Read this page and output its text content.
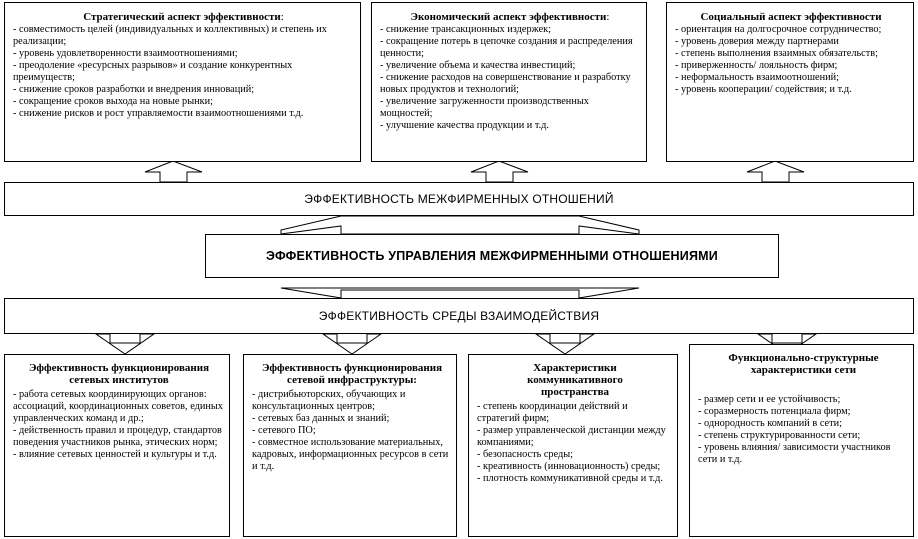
Стратегический аспект эффективности:
- совместимость целей (индивидуальных и коллективных) и степень их реализации;
- уровень удовлетворенности взаимоотношениями;
- преодоление «ресурсных разрывов» и создание конкурентных преимуществ;
- снижение сроков разработки и внедрения инноваций;
- сокращение сроков выхода на новые рынки;
- снижение рисков и рост управляемости взаимоотношениями т.д.
Экономический аспект эффективности:
- снижение трансакционных издержек;
- сокращение потерь в цепочке создания и распределения ценности;
- увеличение объема и качества инвестиций;
- снижение расходов на совершенствование и разработку новых продуктов и технологий;
- увеличение загруженности производственных мощностей;
- улучшение качества продукции и т.д.
Социальный аспект эффективности
- ориентация на долгосрочное сотрудничество;
- уровень доверия между партнерами
- степень выполнения взаимных обязательств;
- приверженность/ лояльность фирм;
- неформальность взаимоотношений;
- уровень кооперации/ содействия; и т.д.
ЭФФЕКТИВНОСТЬ МЕЖФИРМЕННЫХ ОТНОШЕНИЙ
ЭФФЕКТИВНОСТЬ УПРАВЛЕНИЯ МЕЖФИРМЕННЫМИ ОТНОШЕНИЯМИ
ЭФФЕКТИВНОСТЬ СРЕДЫ ВЗАИМОДЕЙСТВИЯ
Эффективность функционирования сетевых институтов
- работа сетевых координирующих органов: ассоциаций, координационных советов, единых управленческих команд и др.;
- действенность правил и процедур, стандартов поведения участников рынка, этических норм;
- влияние сетевых ценностей и культуры и т.д.
Эффективность функционирования сетевой инфраструктуры:
- дистрибьюторских, обучающих и консультационных центров;
- сетевых баз данных и знаний;
- сетевого ПО;
- совместное использование материальных, кадровых, информационных ресурсов в сети и т.д.
Характеристики коммуникативного пространства
- степень координации действий и стратегий фирм;
- размер управленческой дистанции между компаниями;
- безопасность среды;
- креативность (инновационность) среды;
- плотность коммуникативной среды и т.д.
Функционально-структурные характеристики сети
- размер сети и ее устойчивость;
- соразмерность потенциала фирм;
- однородность компаний в сети;
- степень структурированности сети;
- уровень влияния/ зависимости участников сети и т.д.
